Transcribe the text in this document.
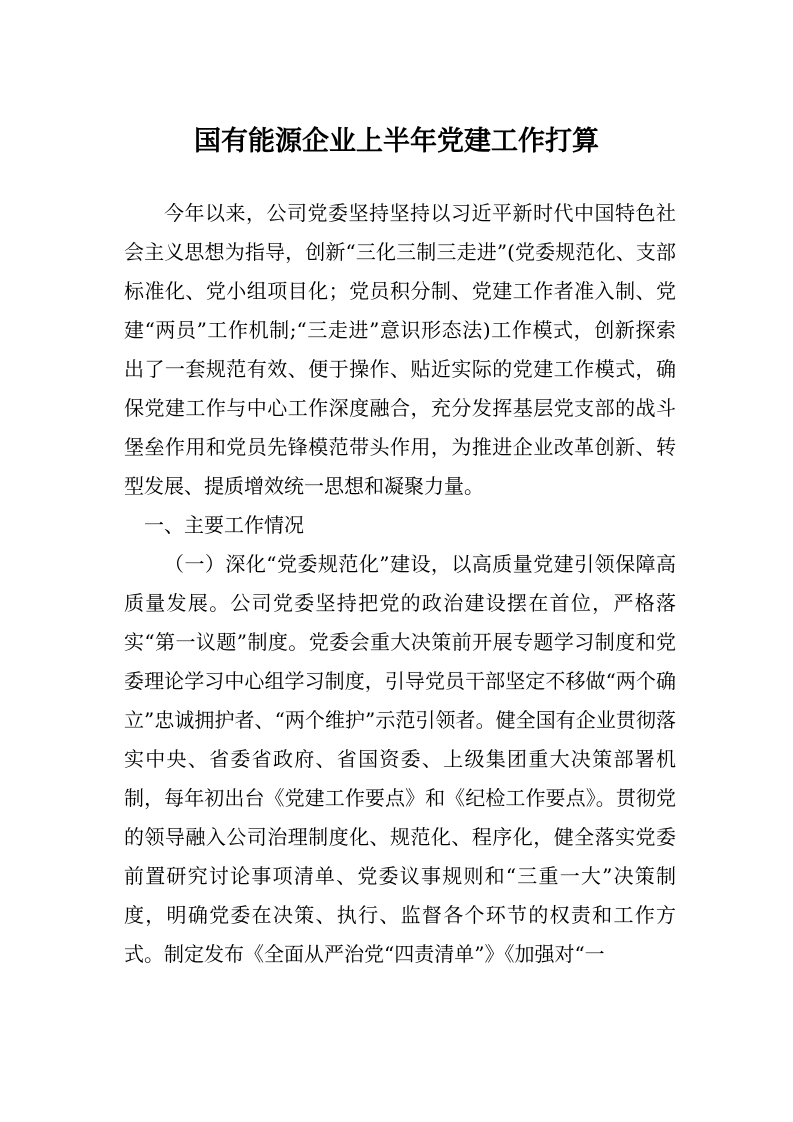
国有能源企业上半年党建工作打算

今年以来，公司党委坚持坚持以习近平新时代中国特色社会主义思想为指导，创新“三化三制三走进”(党委规范化、支部标准化、党小组项目化；党员积分制、党建工作者准入制、党建“两员”工作机制;“三走进”意识形态法)工作模式，创新探索出了一套规范有效、便于操作、贴近实际的党建工作模式，确保党建工作与中心工作深度融合，充分发挥基层党支部的战斗堡垒作用和党员先锋模范带头作用，为推进企业改革创新、转型发展、提质增效统一思想和凝聚力量。

一、主要工作情况

（一）深化“党委规范化”建设，以高质量党建引领保障高质量发展。公司党委坚持把党的政治建设摆在首位，严格落实“第一议题”制度。党委会重大决策前开展专题学习制度和党委理论学习中心组学习制度，引导党员干部坚定不移做“两个确立”忠诚拥护者、“两个维护”示范引领者。健全国有企业贯彻落实中央、省委省政府、省国资委、上级集团重大决策部署机制，每年初出台《党建工作要点》和《纪检工作要点》。贯彻党的领导融入公司治理制度化、规范化、程序化，健全落实党委前置研究讨论事项清单、党委议事规则和“三重一大”决策制度，明确党委在决策、执行、监督各个环节的权责和工作方式。制定发布《全面从严治党“四责清单”》《加强对“一
